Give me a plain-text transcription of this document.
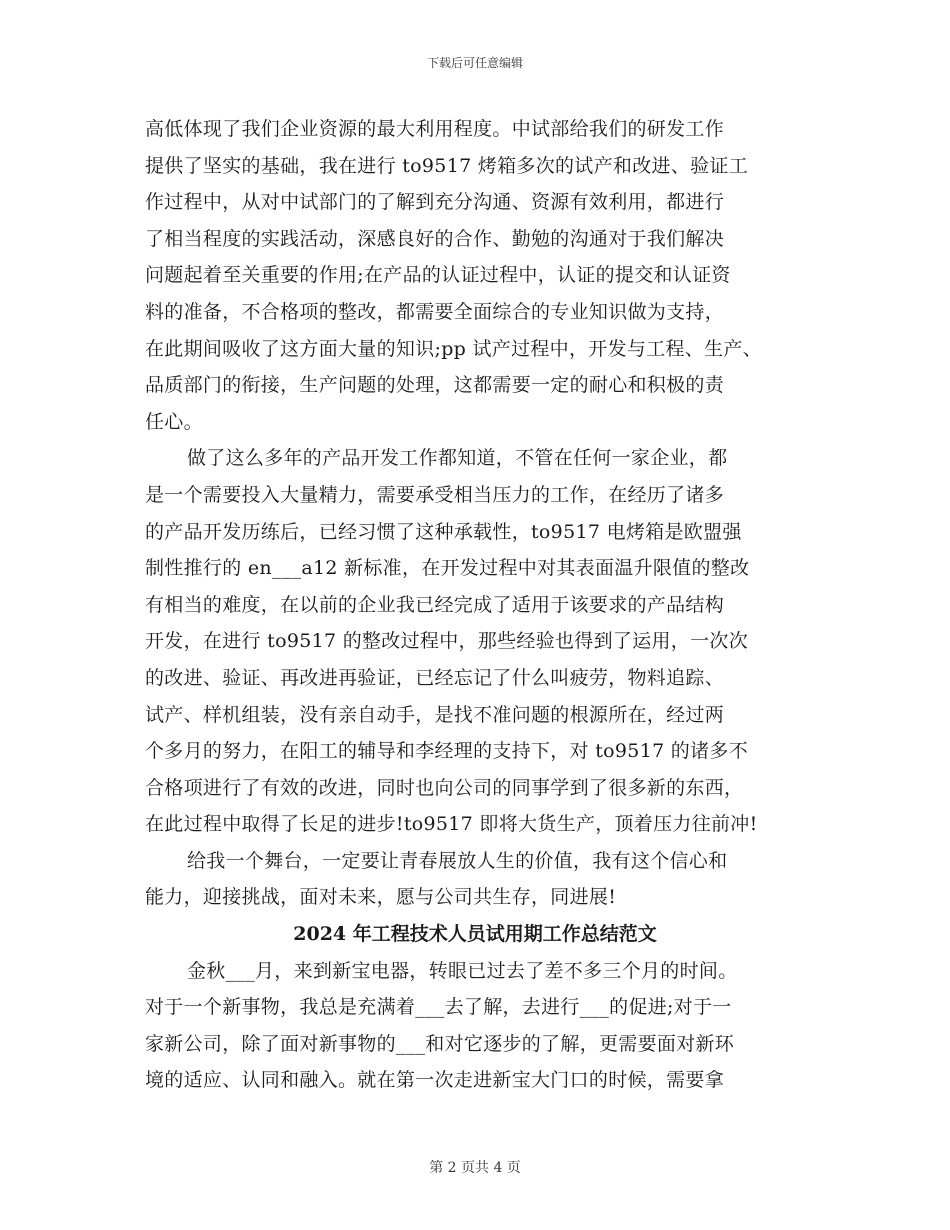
下载后可任意编辑
高低体现了我们企业资源的最大利用程度。中试部给我们的研发工作
提供了坚实的基础，我在进行 to9517 烤箱多次的试产和改进、验证工
作过程中，从对中试部门的了解到充分沟通、资源有效利用，都进行
了相当程度的实践活动，深感良好的合作、勤勉的沟通对于我们解决
问题起着至关重要的作用;在产品的认证过程中，认证的提交和认证资
料的准备，不合格项的整改，都需要全面综合的专业知识做为支持，
在此期间吸收了这方面大量的知识;pp 试产过程中，开发与工程、生产、
品质部门的衔接，生产问题的处理，这都需要一定的耐心和积极的责
任心。
做了这么多年的产品开发工作都知道，不管在任何一家企业，都
是一个需要投入大量精力，需要承受相当压力的工作，在经历了诸多
的产品开发历练后，已经习惯了这种承载性，to9517 电烤箱是欧盟强
制性推行的 en___a12 新标准，在开发过程中对其表面温升限值的整改
有相当的难度，在以前的企业我已经完成了适用于该要求的产品结构
开发，在进行 to9517 的整改过程中，那些经验也得到了运用，一次次
的改进、验证、再改进再验证，已经忘记了什么叫疲劳，物料追踪、
试产、样机组装，没有亲自动手，是找不准问题的根源所在，经过两
个多月的努力，在阳工的辅导和李经理的支持下，对 to9517 的诸多不
合格项进行了有效的改进，同时也向公司的同事学到了很多新的东西，
在此过程中取得了长足的进步!to9517 即将大货生产，顶着压力往前冲!
给我一个舞台，一定要让青春展放人生的价值，我有这个信心和
能力，迎接挑战，面对未来，愿与公司共生存，同进展!
2024 年工程技术人员试用期工作总结范文
金秋___月，来到新宝电器，转眼已过去了差不多三个月的时间。
对于一个新事物，我总是充满着___去了解，去进行___的促进;对于一
家新公司，除了面对新事物的___和对它逐步的了解，更需要面对新环
境的适应、认同和融入。就在第一次走进新宝大门口的时候，需要拿
第 2 页共 4 页
